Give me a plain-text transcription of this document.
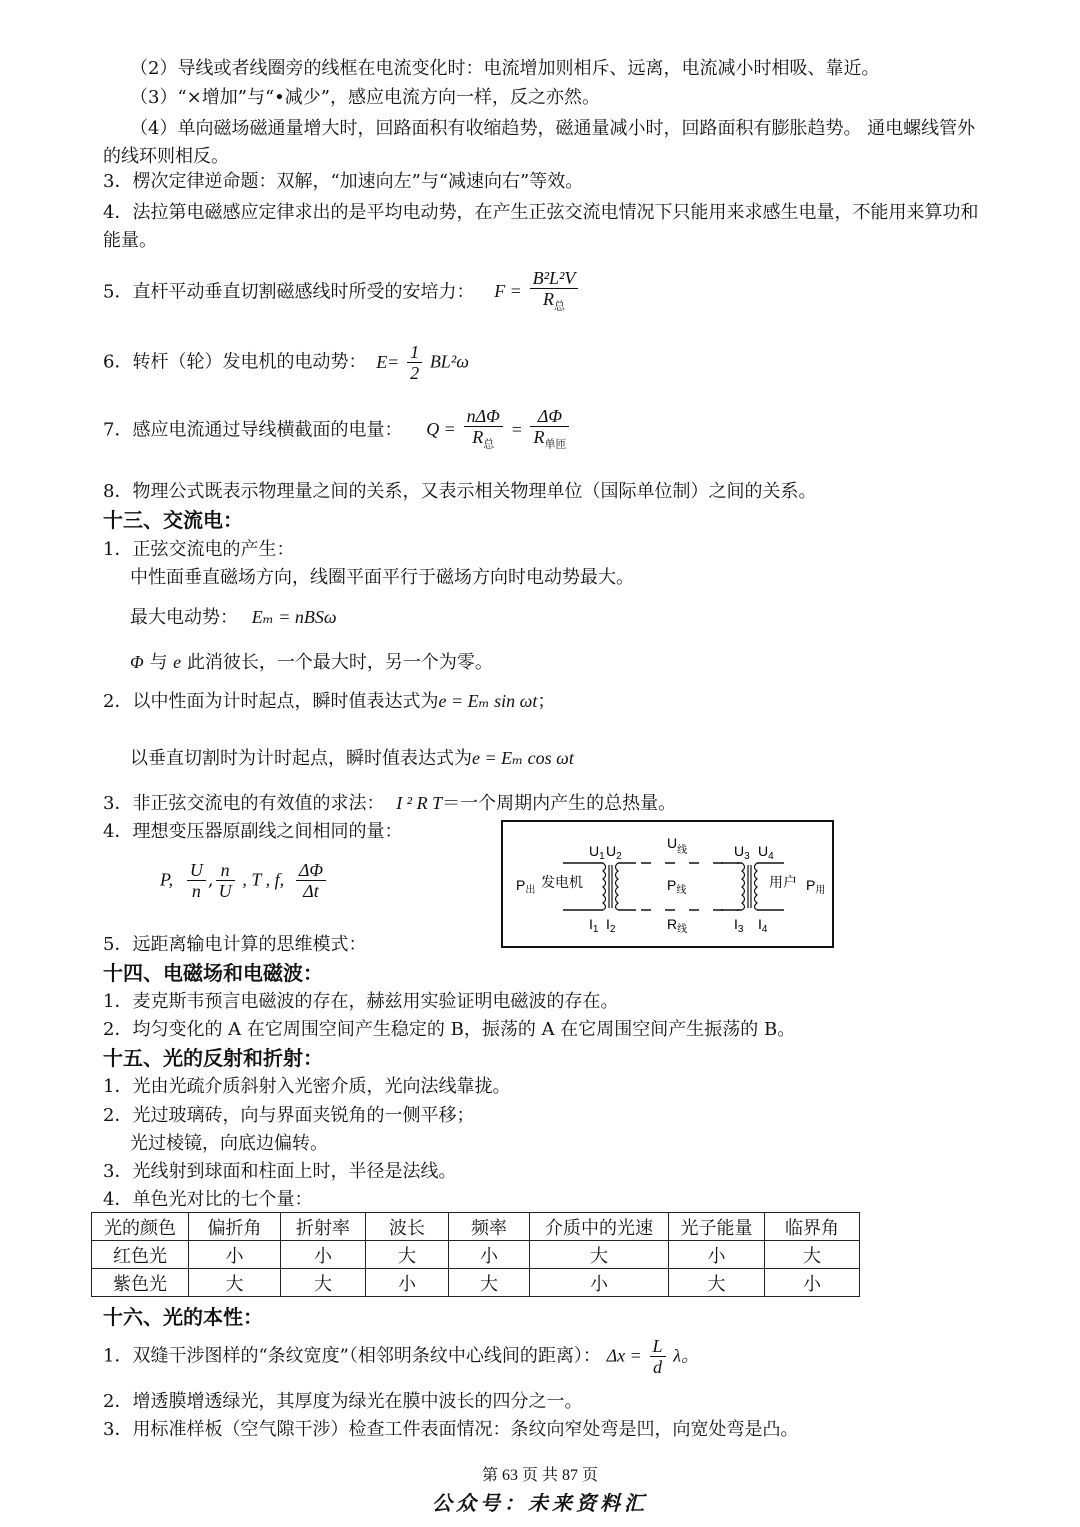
（2）导线或者线圈旁的线框在电流变化时：电流增加则相斥、远离，电流减小时相吸、靠近。
（3）“×增加”与“•减少”，感应电流方向一样，反之亦然。
（4）单向磁场磁通量增大时，回路面积有收缩趋势，磁通量减小时，回路面积有膨胀趋势。 通电螺线管外的线环则相反。
3．楞次定律逆命题：双解，“加速向左”与“减速向右”等效。
4．法拉第电磁感应定律求出的是平均电动势，在产生正弦交流电情况下只能用来求感生电量，不能用来算功和能量。
5．直杆平动垂直切割磁感线时所受的安培力： $F = \frac{\text{B²L²V}}{R_总}$
6．转杆（轮）发电机的电动势： $E= \frac{1}{2} BL^2\omega$
7．感应电流通过导线横截面的电量： $Q = \frac{\text{nΔΦ}}{R_总} = \frac{\Delta\Phi}{R_{单匝}}$
8．物理公式既表示物理量之间的关系，又表示相关物理单位（国际单位制）之间的关系。
十三、交流电：
1．正弦交流电的产生：
中性面垂直磁场方向，线圈平面平行于磁场方向时电动势最大。
最大电动势： Eₘ = nBSω
Φ 与 e 此消彼长，一个最大时，另一个为零。
2．以中性面为计时起点，瞬时值表达式为e = Eₘ sin ωt；
以垂直切割时为计时起点，瞬时值表达式为e = Eₘ cos ωt
3．非正弦交流电的有效值的求法： I ² R T＝一个周期内产生的总热量。
4．理想变压器原副线之间相同的量：
P, $\frac{U}{n}$ , $\frac{n}{U}$ , T , f, $\frac{\Delta\Phi}{\Delta t}$
5．远距离输电计算的思维模式：
$U_1$ $U_2$
$U_线$	$U_3$ $U_4$
$P_出$
发电机	$P_线$
用户 $P_用$
$I_1$ $I_2$	$R_线$	$I_3$ $I_4$
十四、电磁场和电磁波：
1．麦克斯韦预言电磁波的存在，赫兹用实验证明电磁波的存在。
2．均匀变化的 A 在它周围空间产生稳定的 B，振荡的 A 在它周围空间产生振荡的 B。
十五、光的反射和折射：
1．光由光疏介质斜射入光密介质，光向法线靠拢。
2．光过玻璃砖，向与界面夹锐角的一侧平移；
光过棱镜，向底边偏转。
3．光线射到球面和柱面上时，半径是法线。
4．单色光对比的七个量：
光的颜色	偏折角	折射率	波长	频率	介质中的光速	光子能量	临界角
红色光	小	小	大	小	大	小	大
紫色光	大	大	小	大	小	大	小
十六、光的本性：
1．双缝干涉图样的“条纹宽度”（相邻明条纹中心线间的距离）： $\Delta x = \frac{L}{d}$ λ。
2．增透膜增透绿光，其厚度为绿光在膜中波长的四分之一。
3．用标准样板（空气隙干涉）检查工件表面情况：条纹向窄处弯是凹，向宽处弯是凸。
第 63 页 共 87 页
公众号：未来资料汇
